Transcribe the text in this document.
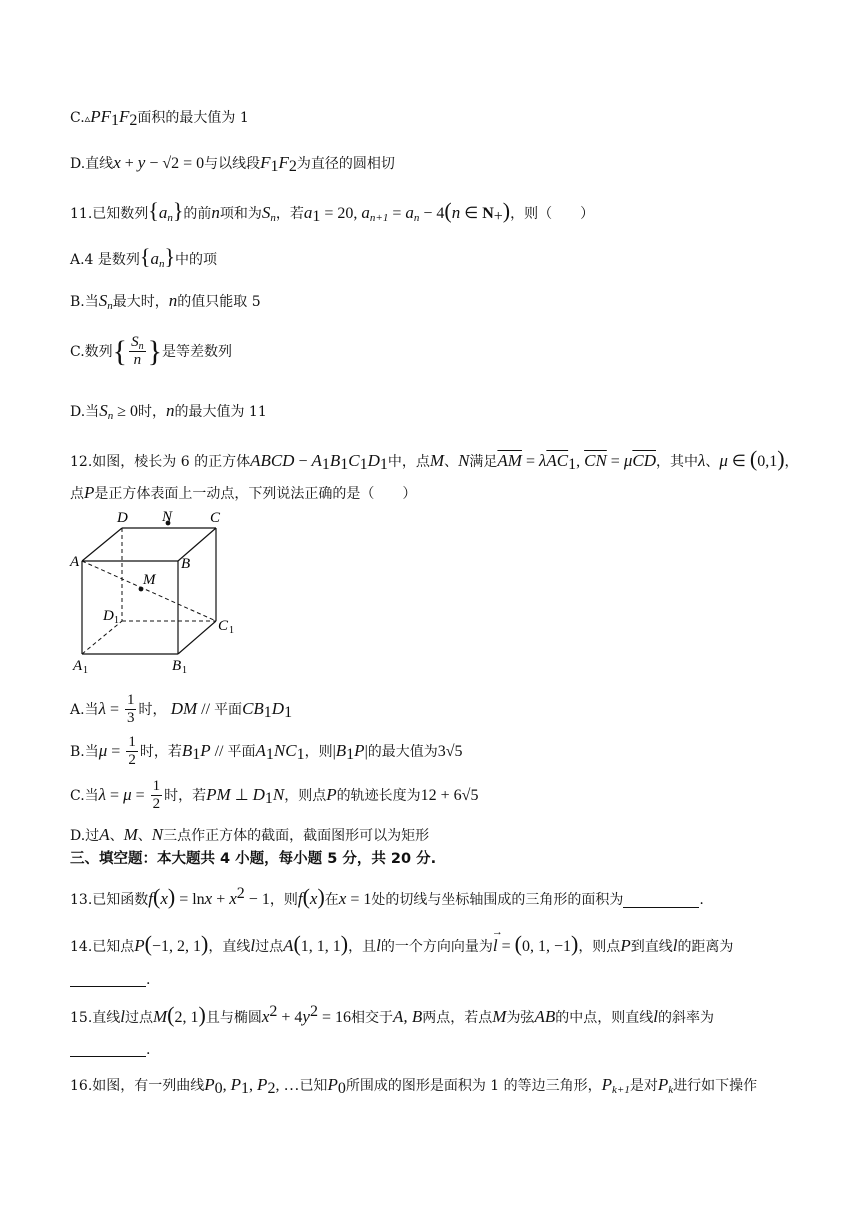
$C.▵PF_1F_2$面积的最大值为 1
D.直线x + y − √2 = 0与以线段$F_1F_2$为直径的圆相切
11.已知数列$\{a_n\}$的前n项和为$S_n$，若$a_1 = 20$, $a_{n+1} = a_n - 4(n$ ∈ $N_+$)，则（　　）
A.4 是数列$\{a_n\}$中的项
B.当$S_n$最大时，n的值只能取 5
C.数列{ $\frac{S_n}{n}$ }是等差数列
D.当$S_n \ge 0$时，n的最大值为 11
12.如图，棱长为 6 的正方体ABCD − $A_1B_1C_1D_1$中，点M、N满足$\overline{AM} = \lambda\overline{AC}_1$, $\overline{CN} = \mu\overline{CD}$，其中λ、μ ∈ (0,1)，
点P是正方体表面上一动点，下列说法正确的是（　　）
D N	C
A	B
M
D 1	C 1
A 1	B 1
A.当$\lambda = \frac{1}{3}$ 时， DM // 平面$CB_1D_1$
B.当$\mu = \frac{1}{2}$ 时，若$B_1P$ // 平面$A_1NC_1$，则$|B_1P|$的最大值为3√5
C.当$\lambda = \mu = \frac{1}{2}$ 时，若PM ⊥ $D_1N$，则点P的轨迹长度为12 + 6√5
D.过A、M、N三点作正方体的截面，截面图形可以为矩形
三、填空题：本大题共 4 小题，每小题 5 分，共 20 分.
13.已知函数$f(x) = \ln x + x^2 - 1$，则f(x)在x = 1处的切线与坐标轴围成的三角形的面积为	.
14.已知点P(−1, 2, 1)，直线l过点A(1, 1, 1)，且l的一个方向向量为l
→
= (0, 1, −1)，则点P到直线l的距离为
.
15.直线l过点M(2, 1)且与椭圆$x^2 + 4y^2 = 16$相交于A, B两点，若点M为弦AB的中点，则直线l的斜率为
.
16.如图，有一列曲线$P_0$, $P_1$, $P_2$, …已知$P_0$所围成的图形是面积为 1 的等边三角形，$P_{k+1}$是对$P_k$进行如下操作
